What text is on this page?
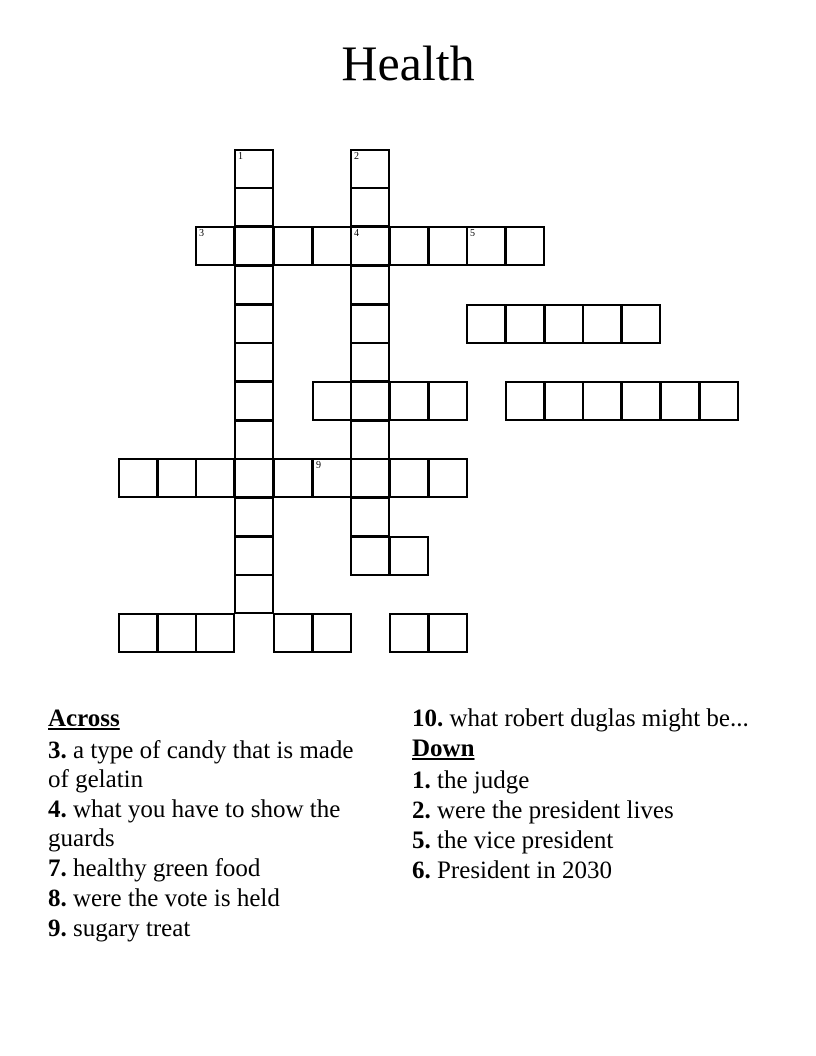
Health
1	2
4
3	5
9
Across
3. a type of candy that is made of gelatin
4. what you have to show the guards
7. healthy green food
8. were the vote is held
9. sugary treat
10. what robert duglas might be...
Down
1. the judge
2. were the president lives
5. the vice president
6. President in 2030
